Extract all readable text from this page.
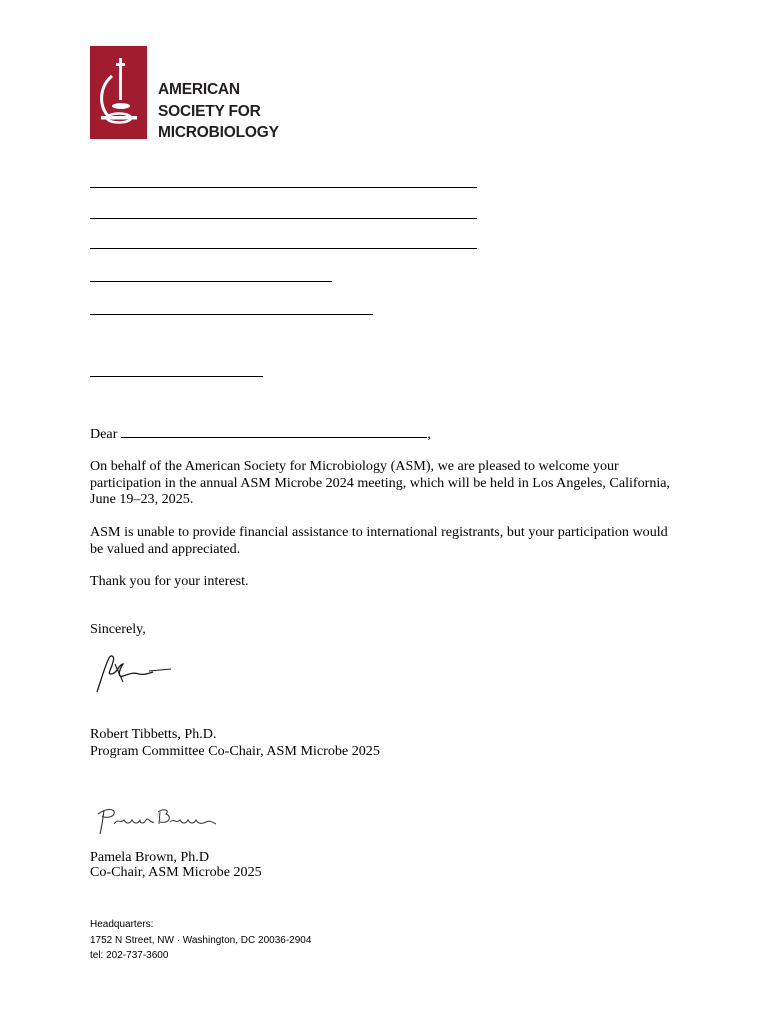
AMERICAN
SOCIETY FOR
MICROBIOLOGY
Dear	,
On behalf of the American Society for Microbiology (ASM), we are pleased to welcome your participation in the annual ASM Microbe 2024 meeting, which will be held in Los Angeles, California, June 19–23, 2025.
ASM is unable to provide financial assistance to international registrants, but your participation would be valued and appreciated.
Thank you for your interest.
Sincerely,
Robert Tibbetts, Ph.D.
Program Committee Co-Chair, ASM Microbe 2025
Pamela Brown, Ph.D
Co-Chair, ASM Microbe 2025
Headquarters:
1752 N Street, NW · Washington, DC 20036-2904
tel: 202-737-3600
